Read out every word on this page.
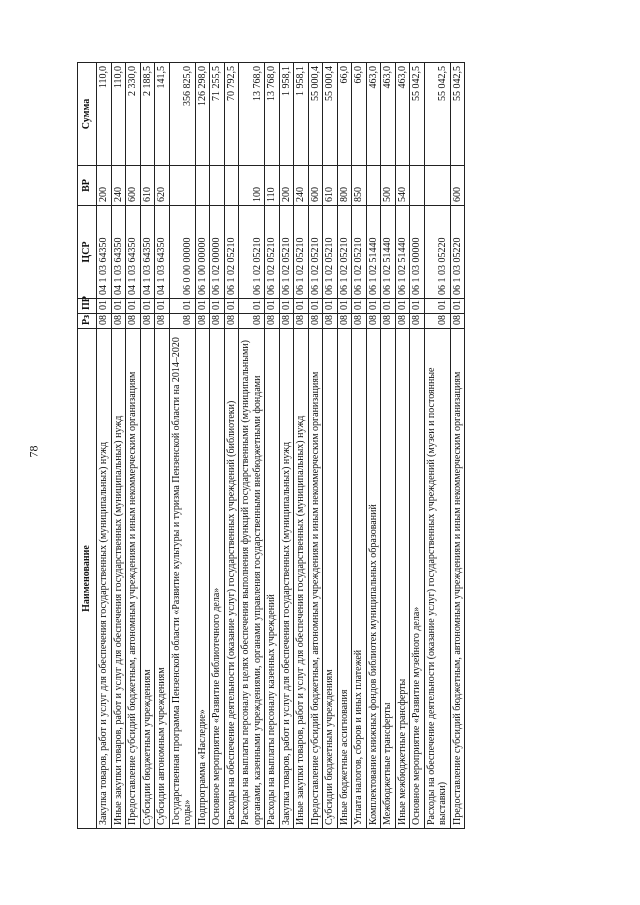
78
Наименование	Рз	ПР	ЦСР	ВР	Сумма
Закупка товаров, работ и услуг для обеспечения государственных (муниципальных) нужд	08	01	04 1 03 64350	200	110,0
Иные закупки товаров, работ и услуг для обеспечения государственных (муниципальных) нужд	08	01	04 1 03 64350	240	110,0
Предоставление субсидий бюджетным, автономным учреждениям и иным некоммерческим организациям	08	01	04 1 03 64350	600	2 330,0
Субсидии бюджетным учреждениям	08	01	04 1 03 64350	610	2 188,5
Субсидии автономным учреждениям	08	01	04 1 03 64350	620	141,5
Государственная программа Пензенской области «Развитие культуры и туризма Пензенской области на 2014–2020 годы»	08	01	06 0 00 00000		356 825,0
Подпрограмма «Наследие»	08	01	06 1 00 00000		126 298,0
Основное мероприятие «Развитие библиотечного дела»	08	01	06 1 02 00000		71 255,5
Расходы на обеспечение деятельности (оказание услуг) государственных учреждений (библиотеки)	08	01	06 1 02 05210		70 792,5
Расходы на выплаты персоналу в целях обеспечения выполнения функций государственными (муниципальными) органами, казенными учреждениями, органами управления государственными внебюджетными фондами	08	01	06 1 02 05210	100	13 768,0
Расходы на выплаты персоналу казенных учреждений	08	01	06 1 02 05210	110	13 768,0
Закупка товаров, работ и услуг для обеспечения государственных (муниципальных) нужд	08	01	06 1 02 05210	200	1 958,1
Иные закупки товаров, работ и услуг для обеспечения государственных (муниципальных) нужд	08	01	06 1 02 05210	240	1 958,1
Предоставление субсидий бюджетным, автономным учреждениям и иным некоммерческим организациям	08	01	06 1 02 05210	600	55 000,4
Субсидии бюджетным учреждениям	08	01	06 1 02 05210	610	55 000,4
Иные бюджетные ассигнования	08	01	06 1 02 05210	800	66,0
Уплата налогов, сборов и иных платежей	08	01	06 1 02 05210	850	66,0
Комплектование книжных фондов библиотек муниципальных образований	08	01	06 1 02 51440		463,0
Межбюджетные трансферты	08	01	06 1 02 51440	500	463,0
Иные межбюджетные трансферты	08	01	06 1 02 51440	540	463,0
Основное мероприятие «Развитие музейного дела»	08	01	06 1 03 00000		55 042,5
Расходы на обеспечение деятельности (оказание услуг) государственных учреждений (музеи и постоянные выставки)	08	01	06 1 03 05220		55 042,5
Предоставление субсидий бюджетным, автономным учреждениям и иным некоммерческим организациям	08	01	06 1 03 05220	600	55 042,5
